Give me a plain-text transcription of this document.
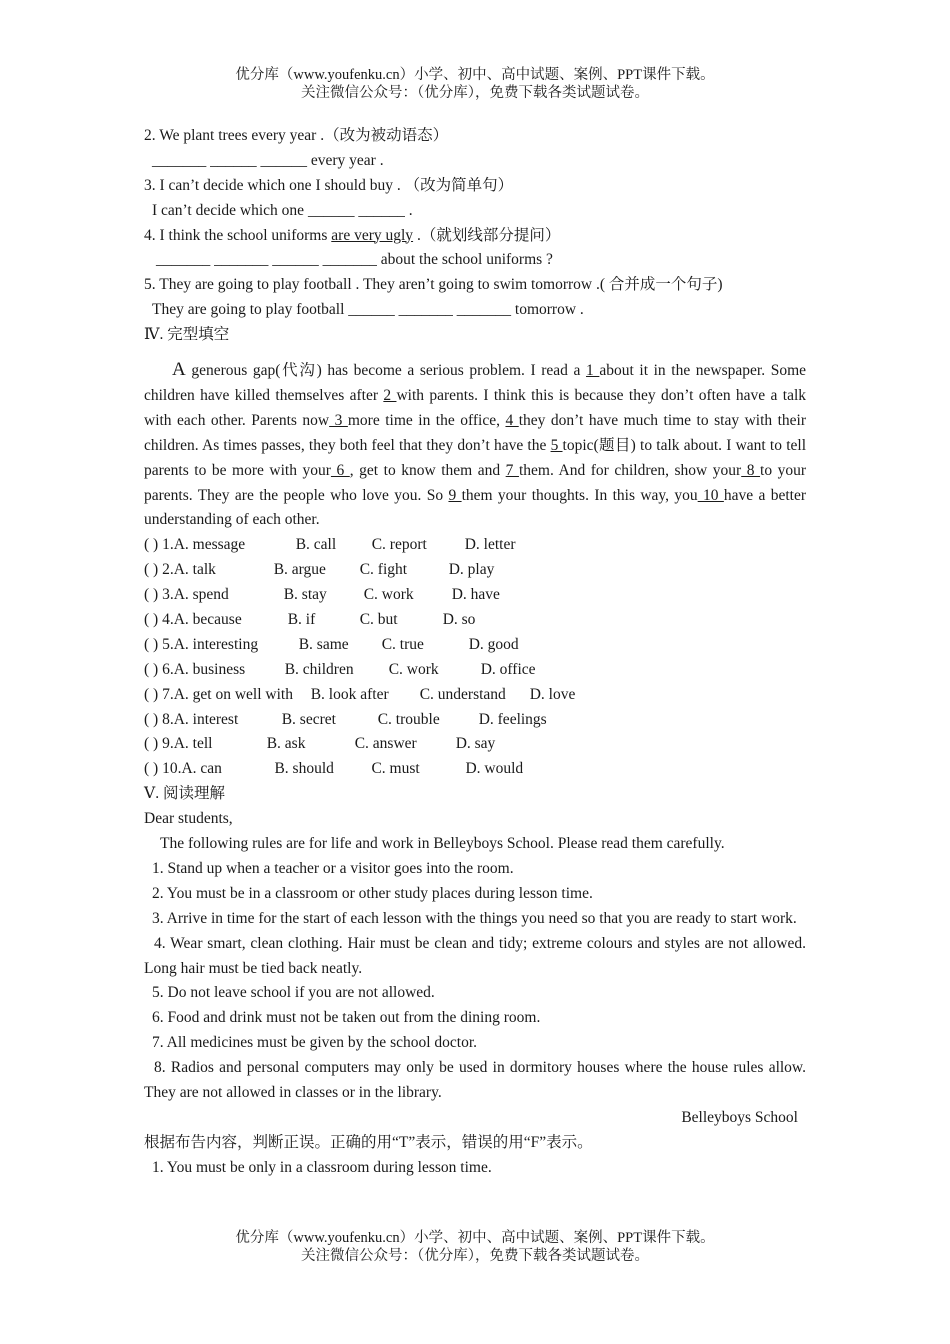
优分库（www.youfenku.cn）小学、初中、高中试题、案例、PPT课件下载。
关注微信公众号：（优分库），免费下载各类试题试卷。
2. We plant trees every year .（改为被动语态）
_______ ______ ______ every year .
3. I can’t decide which one I should buy . （改为简单句）
I can’t decide which one ______ ______ .
4. I think the school uniforms are very ugly .（就划线部分提问）
_______ _______ ______ _______ about the school uniforms ?
5. They are going to play football . They aren’t going to swim tomorrow .( 合并成一个句子)
They are going to play football ______ _______ _______ tomorrow .
Ⅳ. 完型填空
A generous gap(代沟) has become a serious problem. I read a 1 about it in the newspaper. Some children have killed themselves after 2 with parents. I think this is because they don’t often have a talk with each other. Parents now 3 more time in the office, 4 they don’t have much time to stay with their children. As times passes, they both feel that they don’t have the 5 topic(题目) to talk about. I want to tell parents to be more with your 6 , get to know them and 7 them. And for children, show your 8 to your parents. They are the people who love you. So 9 them your thoughts. In this way, you 10 have a better understanding of each other.
( ) 1.A. message	B. call C. report D. letter
( ) 2.A. talk	B. argue C. fight	D. play
( ) 3.A. spend	B. stay C. work D. have
( ) 4.A. because	B. if	C. but	D. so
( ) 5.A. interesting	B. same C. true	D. good
( ) 6.A. business	B. children C. work	D. office
( ) 7.A. get on well with B. look after C. understand D. love
( ) 8.A. interest	B. secret	C. trouble	D. feelings
( ) 9.A. tell	B. ask	C. answer	D. say
( ) 10.A. can	B. should C. must	D. would
Ⅴ. 阅读理解
Dear students,
The following rules are for life and work in Belleyboys School. Please read them carefully.
1. Stand up when a teacher or a visitor goes into the room.
2. You must be in a classroom or other study places during lesson time.
3. Arrive in time for the start of each lesson with the things you need so that you are ready to start work.
4. Wear smart, clean clothing. Hair must be clean and tidy; extreme colours and styles are not allowed. Long hair must be tied back neatly.
5. Do not leave school if you are not allowed.
6. Food and drink must not be taken out from the dining room.
7. All medicines must be given by the school doctor.
8. Radios and personal computers may only be used in dormitory houses where the house rules allow. They are not allowed in classes or in the library.
Belleyboys School
根据布告内容，判断正误。正确的用“T”表示，错误的用“F”表示。
1. You must be only in a classroom during lesson time.
优分库（www.youfenku.cn）小学、初中、高中试题、案例、PPT课件下载。
关注微信公众号：（优分库），免费下载各类试题试卷。
